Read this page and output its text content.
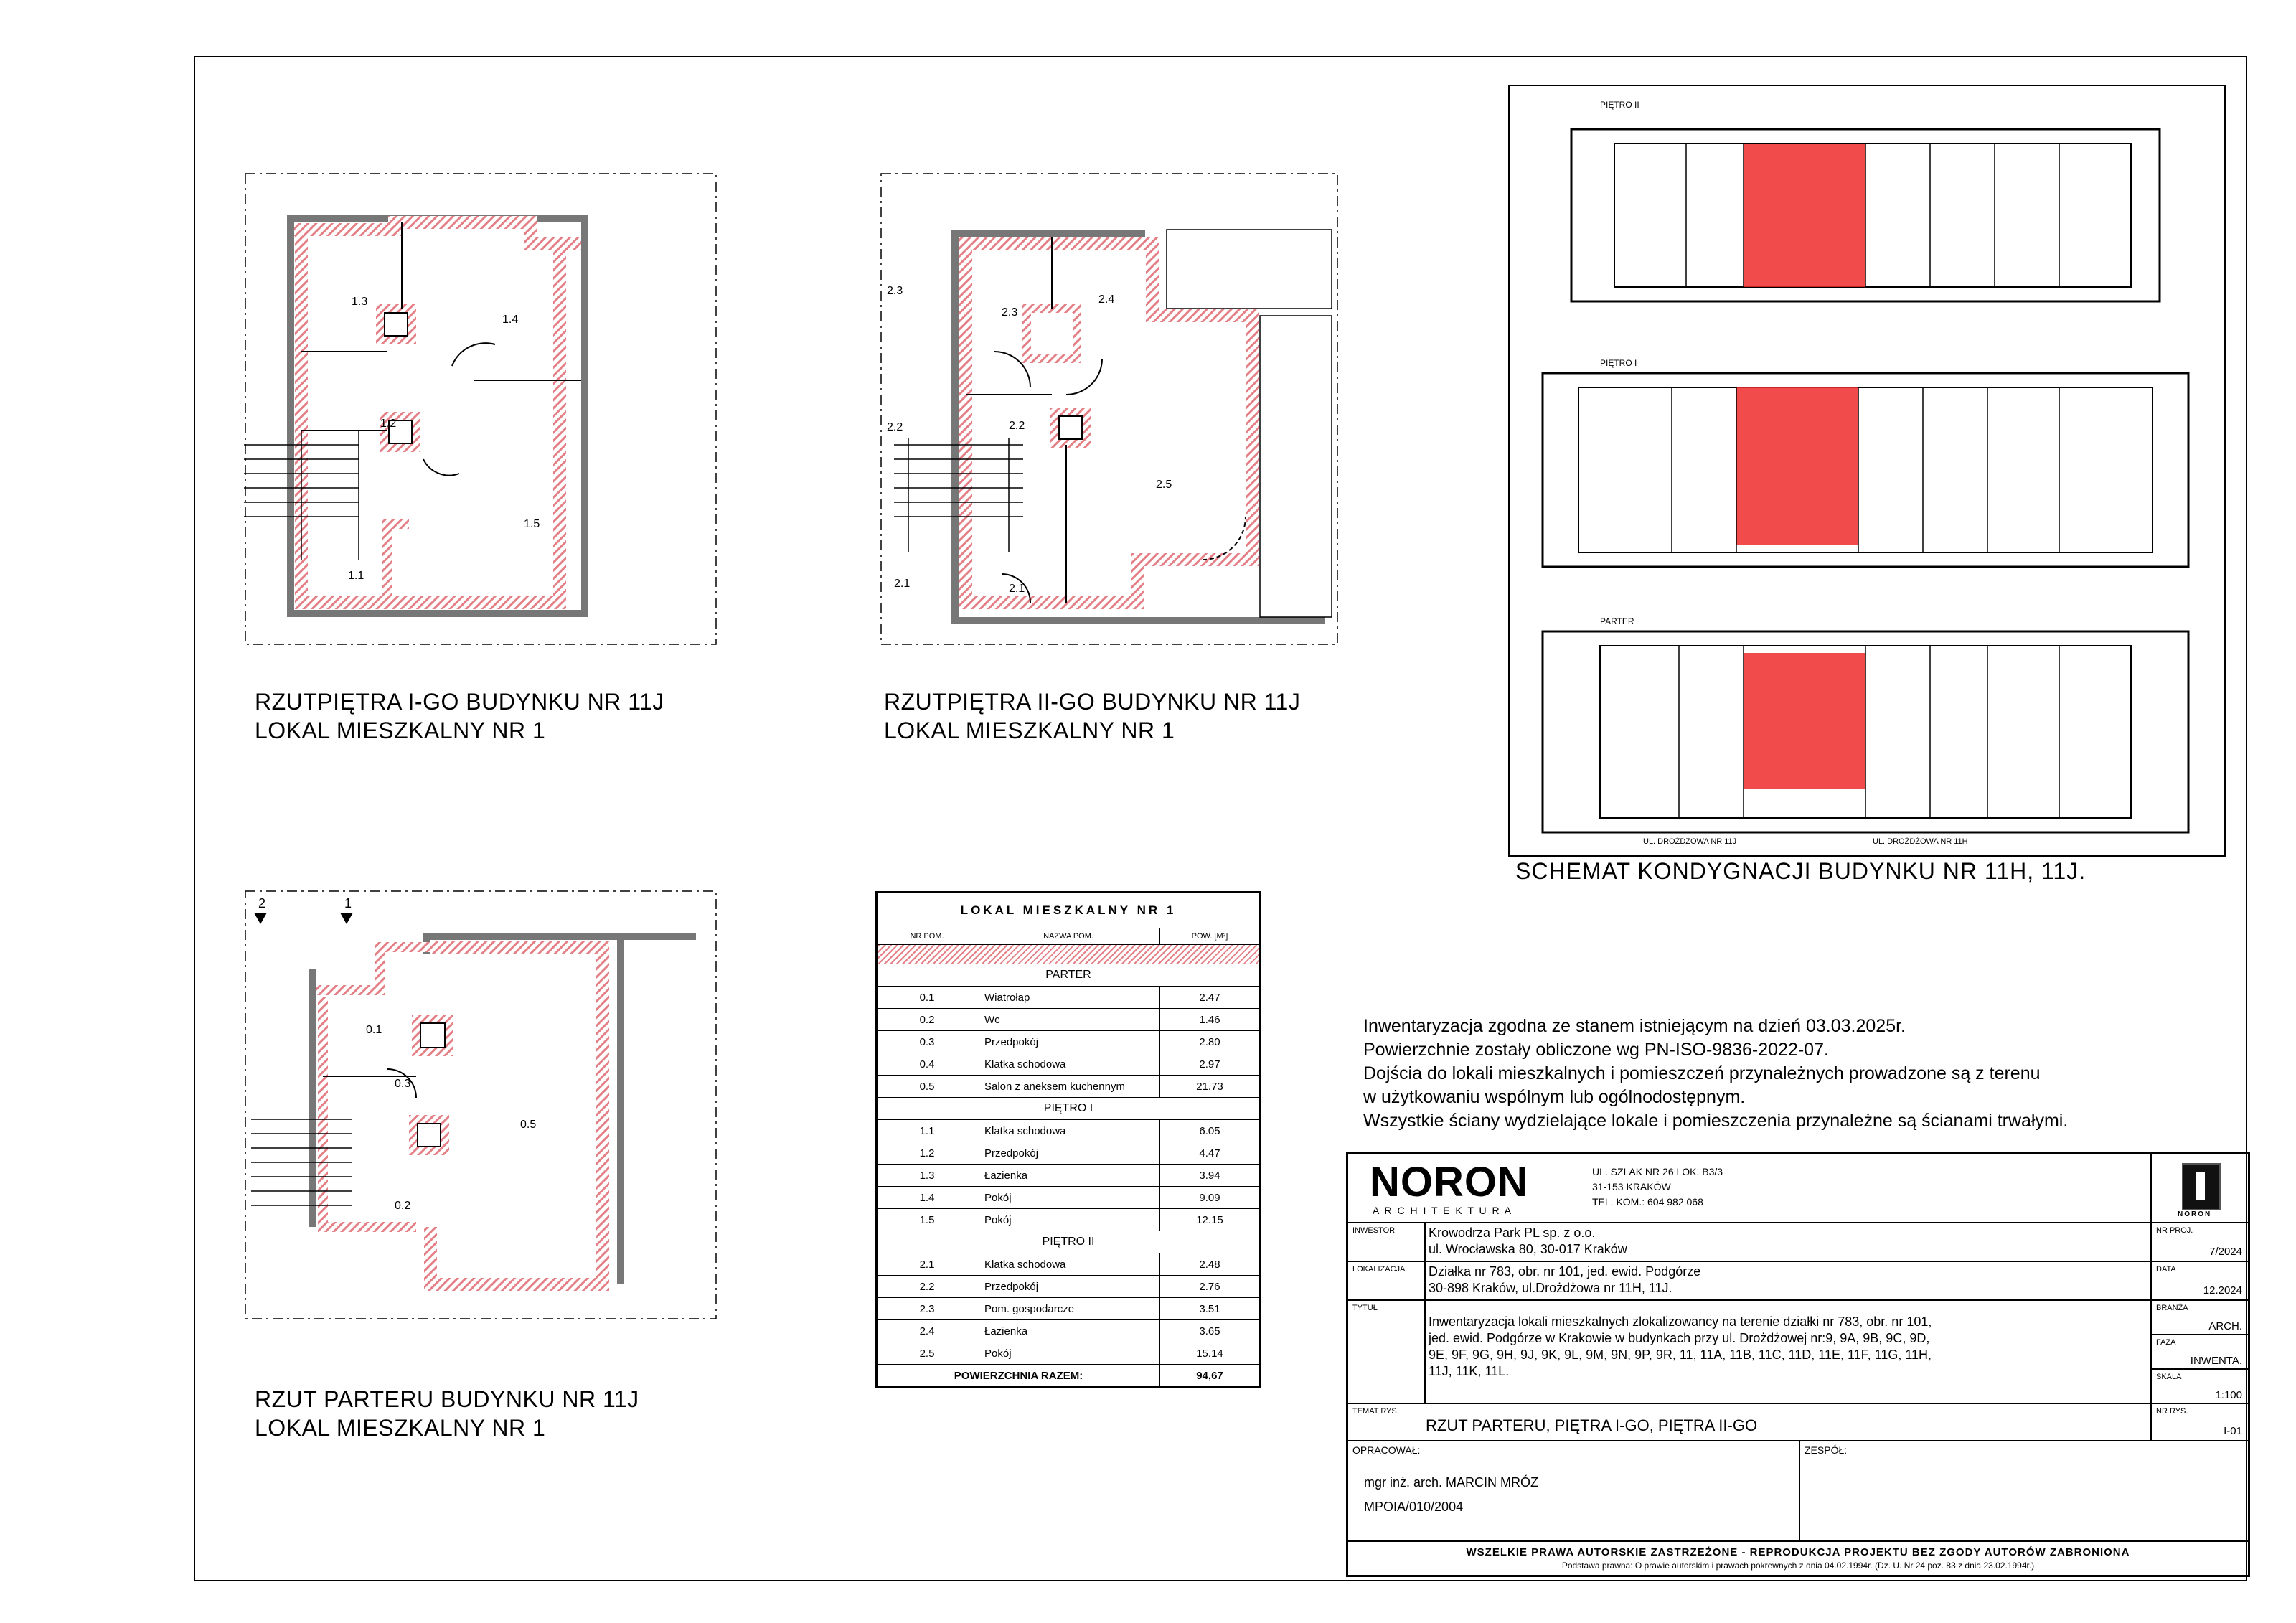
1.3
1.4
1.2
1.5
1.1
RZUTPIĘTRA I-GO BUDYNKU NR 11J
LOKAL MIESZKALNY NR 1
2.3
2.2
2.1
2.3
2.4
2.2
2.5
2.1
RZUTPIĘTRA II-GO BUDYNKU NR 11J
LOKAL MIESZKALNY NR 1
2	1
0.1
0.3
0.2
0.5
RZUT PARTERU BUDYNKU NR 11J
LOKAL MIESZKALNY NR 1
PIĘTRO II
PIĘTRO I
PARTER
UL. DROŻDŻOWA NR 11J	UL. DROŻDŻOWA NR 11H
SCHEMAT KONDYGNACJI BUDYNKU NR 11H, 11J.
LOKAL MIESZKALNY NR 1		
NR POM.	NAZWA POM.	POW. [M²]

PARTER		
0.1	Wiatrołap	2.47
0.2	Wc	1.46
0.3	Przedpokój	2.80
0.4	Klatka schodowa	2.97
0.5	Salon z aneksem kuchennym	21.73
PIĘTRO I		
1.1	Klatka schodowa	6.05
1.2	Przedpokój	4.47
1.3	Łazienka	3.94
1.4	Pokój	9.09
1.5	Pokój	12.15
PIĘTRO II		
2.1	Klatka schodowa	2.48
2.2	Przedpokój	2.76
2.3	Pom. gospodarcze	3.51
2.4	Łazienka	3.65
2.5	Pokój	15.14
POWIERZCHNIA RAZEM:		94,67
Inwentaryzacja zgodna ze stanem istniejącym na dzień 03.03.2025r.
Powierzchnie zostały obliczone wg PN-ISO-9836-2022-07.
Dojścia do lokali mieszkalnych i pomieszczeń przynależnych prowadzone są z terenu
w użytkowaniu wspólnym lub ogólnodostępnym.
Wszystkie ściany wydzielające lokale i pomieszczenia przynależne są ścianami trwałymi.
NORON
A R C H I T E K T U R A
UL. SZLAK NR 26 LOK. B3/3
31-153 KRAKÓW
TEL. KOM.: 604 982 068
NORON
INWESTOR	Krowodrza Park PL sp. z o.o.
ul. Wrocławska 80, 30-017 Kraków
NR PROJ.
7/2024
LOKALIZACJA Działka nr 783, obr. nr 101, jed. ewid. Podgórze
30-898 Kraków, ul.Drożdżowa nr 11H, 11J.
DATA
12.2024
TYTUŁ
Inwentaryzacja lokali mieszkalnych zlokalizowancy na terenie działki nr 783, obr. nr 101,
jed. ewid. Podgórze w Krakowie w budynkach przy ul. Drożdżowej nr:9, 9A, 9B, 9C, 9D,
9E, 9F, 9G, 9H, 9J, 9K, 9L, 9M, 9N, 9P, 9R, 11, 11A, 11B, 11C, 11D, 11E, 11F, 11G, 11H,
11J, 11K, 11L.
BRANŻA
ARCH.
FAZA
INWENTA.
SKALA
1:100
TEMAT RYS.
RZUT PARTERU, PIĘTRA I-GO, PIĘTRA II-GO
NR RYS.
I-01
OPRACOWAŁ:
mgr inż. arch. MARCIN MRÓZ
MPOIA/010/2004
ZESPÓŁ:
WSZELKIE PRAWA AUTORSKIE ZASTRZEŻONE - REPRODUKCJA PROJEKTU BEZ ZGODY AUTORÓW ZABRONIONA
Podstawa prawna: O prawie autorskim i prawach pokrewnych z dnia 04.02.1994r. (Dz. U. Nr 24 poz. 83 z dnia 23.02.1994r.)
